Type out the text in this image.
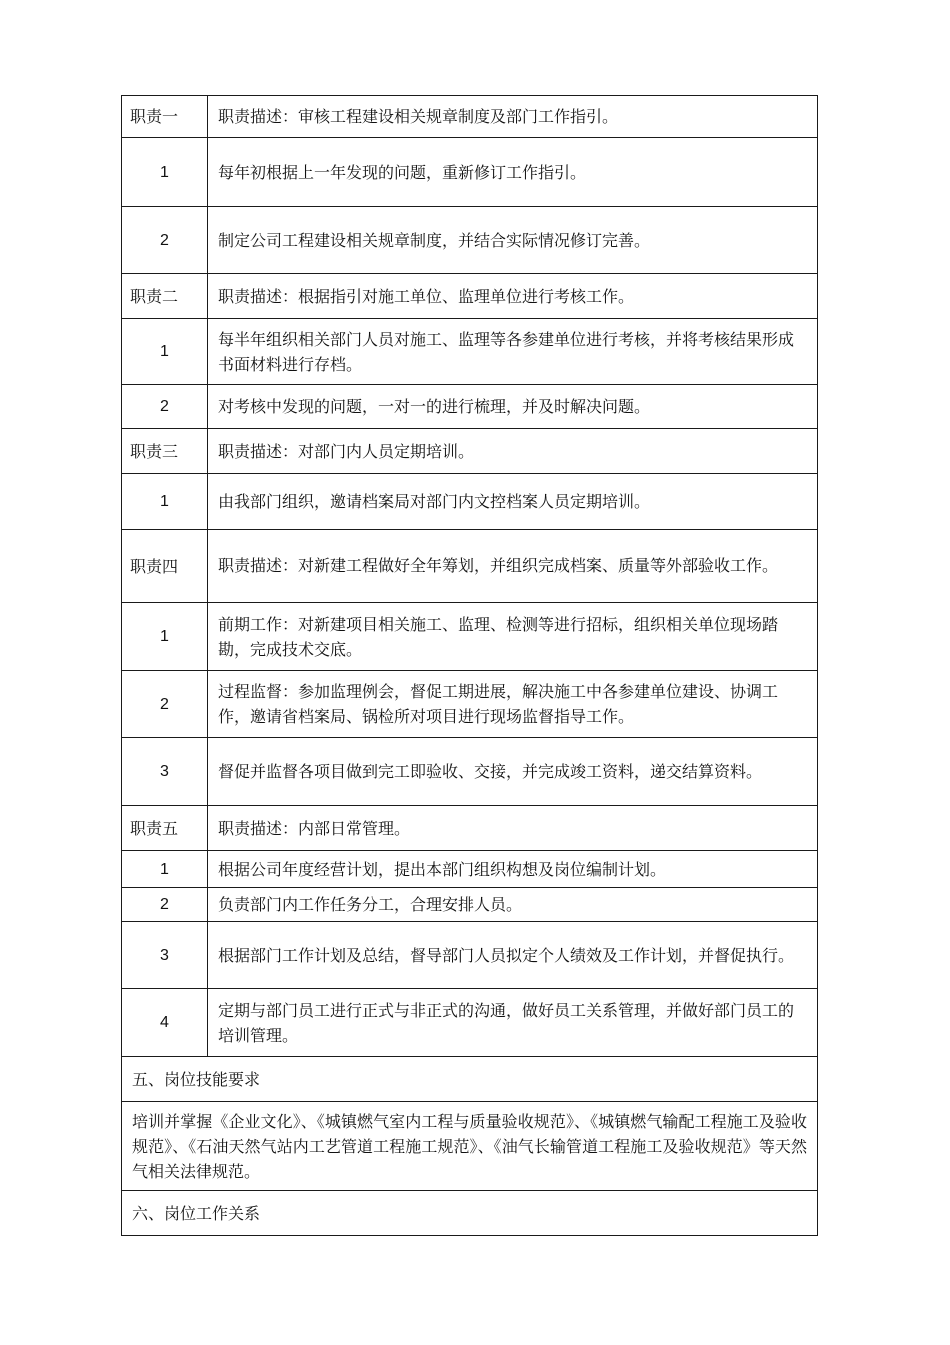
职责一	职责描述：审核工程建设相关规章制度及部门工作指引。
1	每年初根据上一年发现的问题，重新修订工作指引。
2	制定公司工程建设相关规章制度，并结合实际情况修订完善。
职责二	职责描述：根据指引对施工单位、监理单位进行考核工作。
1	每半年组织相关部门人员对施工、监理等各参建单位进行考核，并将考核结果形成书面材料进行存档。
2	对考核中发现的问题，一对一的进行梳理，并及时解决问题。
职责三	职责描述：对部门内人员定期培训。
1	由我部门组织，邀请档案局对部门内文控档案人员定期培训。
职责四	职责描述：对新建工程做好全年筹划，并组织完成档案、质量等外部验收工作。
1	前期工作：对新建项目相关施工、监理、检测等进行招标，组织相关单位现场踏勘，完成技术交底。
2	过程监督：参加监理例会，督促工期进展，解决施工中各参建单位建设、协调工作，邀请省档案局、锅检所对项目进行现场监督指导工作。
3	督促并监督各项目做到完工即验收、交接，并完成竣工资料，递交结算资料。
职责五	职责描述：内部日常管理。
1	根据公司年度经营计划，提出本部门组织构想及岗位编制计划。
2	负责部门内工作任务分工，合理安排人员。
3	根据部门工作计划及总结，督导部门人员拟定个人绩效及工作计划，并督促执行。
4	定期与部门员工进行正式与非正式的沟通，做好员工关系管理，并做好部门员工的培训管理。
五、岗位技能要求	
培训并掌握《企业文化》、《城镇燃气室内工程与质量验收规范》、《城镇燃气输配工程施工及验收规范》、《石油天然气站内工艺管道工程施工规范》、《油气长输管道工程施工及验收规范》等天然气相关法律规范。	
六、岗位工作关系	
